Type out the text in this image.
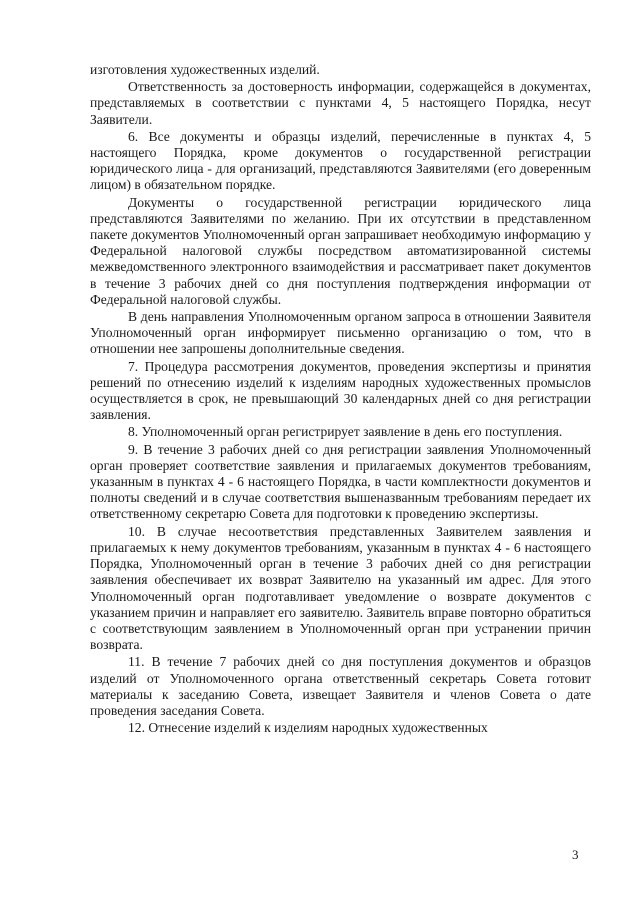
изготовления художественных изделий.

Ответственность за достоверность информации, содержащейся в документах, представляемых в соответствии с пунктами 4, 5 настоящего Порядка, несут Заявители.

6. Все документы и образцы изделий, перечисленные в пунктах 4, 5 настоящего Порядка, кроме документов о государственной регистрации юридического лица - для организаций, представляются Заявителями (его доверенным лицом) в обязательном порядке.

Документы о государственной регистрации юридического лица представляются Заявителями по желанию. При их отсутствии в представленном пакете документов Уполномоченный орган запрашивает необходимую информацию у Федеральной налоговой службы посредством автоматизированной системы межведомственного электронного взаимодействия и рассматривает пакет документов в течение 3 рабочих дней со дня поступления подтверждения информации от Федеральной налоговой службы.

В день направления Уполномоченным органом запроса в отношении Заявителя Уполномоченный орган информирует письменно организацию о том, что в отношении нее запрошены дополнительные сведения.

7. Процедура рассмотрения документов, проведения экспертизы и принятия решений по отнесению изделий к изделиям народных художественных промыслов осуществляется в срок, не превышающий 30 календарных дней со дня регистрации заявления.

8. Уполномоченный орган регистрирует заявление в день его поступления.

9. В течение 3 рабочих дней со дня регистрации заявления Уполномоченный орган проверяет соответствие заявления и прилагаемых документов требованиям, указанным в пунктах 4 - 6 настоящего Порядка, в части комплектности документов и полноты сведений и в случае соответствия вышеназванным требованиям передает их ответственному секретарю Совета для подготовки к проведению экспертизы.

10. В случае несоответствия представленных Заявителем заявления и прилагаемых к нему документов требованиям, указанным в пунктах 4 - 6 настоящего Порядка, Уполномоченный орган в течение 3 рабочих дней со дня регистрации заявления обеспечивает их возврат Заявителю на указанный им адрес. Для этого Уполномоченный орган подготавливает уведомление о возврате документов с указанием причин и направляет его заявителю. Заявитель вправе повторно обратиться с соответствующим заявлением в Уполномоченный орган при устранении причин возврата.

11. В течение 7 рабочих дней со дня поступления документов и образцов изделий от Уполномоченного органа ответственный секретарь Совета готовит материалы к заседанию Совета, извещает Заявителя и членов Совета о дате проведения заседания Совета.

12. Отнесение изделий к изделиям народных художественных

3
